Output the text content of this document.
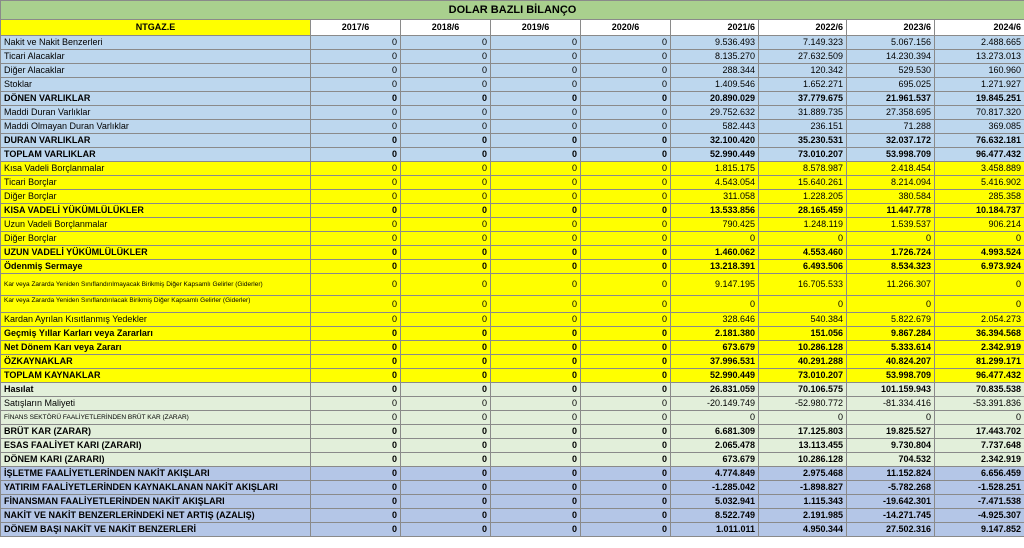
DOLAR BAZLI BİLANÇO								
NTGAZ.E	2017/6	2018/6	2019/6	2020/6	2021/6	2022/6	2023/6	2024/6
Nakit ve Nakit Benzerleri	0	0	0	0	9.536.493	7.149.323	5.067.156	2.488.665
Ticari Alacaklar	0	0	0	0	8.135.270	27.632.509	14.230.394	13.273.013
Diğer Alacaklar	0	0	0	0	288.344	120.342	529.530	160.960
Stoklar	0	0	0	0	1.409.546	1.652.271	695.025	1.271.927
DÖNEN VARLIKLAR	0	0	0	0	20.890.029	37.779.675	21.961.537	19.845.251
Maddi Duran Varlıklar	0	0	0	0	29.752.632	31.889.735	27.358.695	70.817.320
Maddi Olmayan Duran Varlıklar	0	0	0	0	582.443	236.151	71.288	369.085
DURAN VARLIKLAR	0	0	0	0	32.100.420	35.230.531	32.037.172	76.632.181
TOPLAM VARLIKLAR	0	0	0	0	52.990.449	73.010.207	53.998.709	96.477.432
Kısa Vadeli Borçlanmalar	0	0	0	0	1.815.175	8.578.987	2.418.454	3.458.889
Ticari Borçlar	0	0	0	0	4.543.054	15.640.261	8.214.094	5.416.902
Diğer Borçlar	0	0	0	0	311.058	1.228.205	380.584	285.358
KISA VADELİ YÜKÜMLÜLÜKLER	0	0	0	0	13.533.856	28.165.459	11.447.778	10.184.737
Uzun Vadeli Borçlanmalar	0	0	0	0	790.425	1.248.119	1.539.537	906.214
Diğer Borçlar	0	0	0	0	0	0	0	0
UZUN VADELİ YÜKÜMLÜLÜKLER	0	0	0	0	1.460.062	4.553.460	1.726.724	4.993.524
Ödenmiş Sermaye	0	0	0	0	13.218.391	6.493.506	8.534.323	6.973.924
Kar veya Zararda Yeniden Sınıflandırılmayacak Birikmiş Diğer Kapsamlı Gelirler (Giderler)	0	0	0	0	9.147.195	16.705.533	11.266.307	0
Kar veya Zararda Yeniden Sınıflandırılacak Birikmiş Diğer Kapsamlı Gelirler (Giderler)	0	0	0	0	0	0	0	0
Kardan Ayrılan Kısıtlanmış Yedekler	0	0	0	0	328.646	540.384	5.822.679	2.054.273
Geçmiş Yıllar Karları veya Zararları	0	0	0	0	2.181.380	151.056	9.867.284	36.394.568
Net Dönem Karı veya Zararı	0	0	0	0	673.679	10.286.128	5.333.614	2.342.919
ÖZKAYNAKLAR	0	0	0	0	37.996.531	40.291.288	40.824.207	81.299.171
TOPLAM KAYNAKLAR	0	0	0	0	52.990.449	73.010.207	53.998.709	96.477.432
Hasılat	0	0	0	0	26.831.059	70.106.575	101.159.943	70.835.538
Satışların Maliyeti	0	0	0	0	-20.149.749	-52.980.772	-81.334.416	-53.391.836
FİNANS SEKTÖRÜ FAALİYETLERİNDEN BRÜT KAR (ZARAR)	0	0	0	0	0	0	0	0
BRÜT KAR (ZARAR)	0	0	0	0	6.681.309	17.125.803	19.825.527	17.443.702
ESAS FAALİYET KARI (ZARARI)	0	0	0	0	2.065.478	13.113.455	9.730.804	7.737.648
DÖNEM KARI (ZARARI)	0	0	0	0	673.679	10.286.128	704.532	2.342.919
İŞLETME FAALİYETLERİNDEN NAKİT AKIŞLARI	0	0	0	0	4.774.849	2.975.468	11.152.824	6.656.459
YATIRIM FAALİYETLERİNDEN KAYNAKLANAN NAKİT AKIŞLARI	0	0	0	0	-1.285.042	-1.898.827	-5.782.268	-1.528.251
FİNANSMAN FAALİYETLERİNDEN NAKİT AKIŞLARI	0	0	0	0	5.032.941	1.115.343	-19.642.301	-7.471.538
NAKİT VE NAKİT BENZERLERİNDEKİ NET ARTIŞ (AZALIŞ)	0	0	0	0	8.522.749	2.191.985	-14.271.745	-4.925.307
DÖNEM BAŞI NAKİT VE NAKİT BENZERLERİ	0	0	0	0	1.011.011	4.950.344	27.502.316	9.147.852
